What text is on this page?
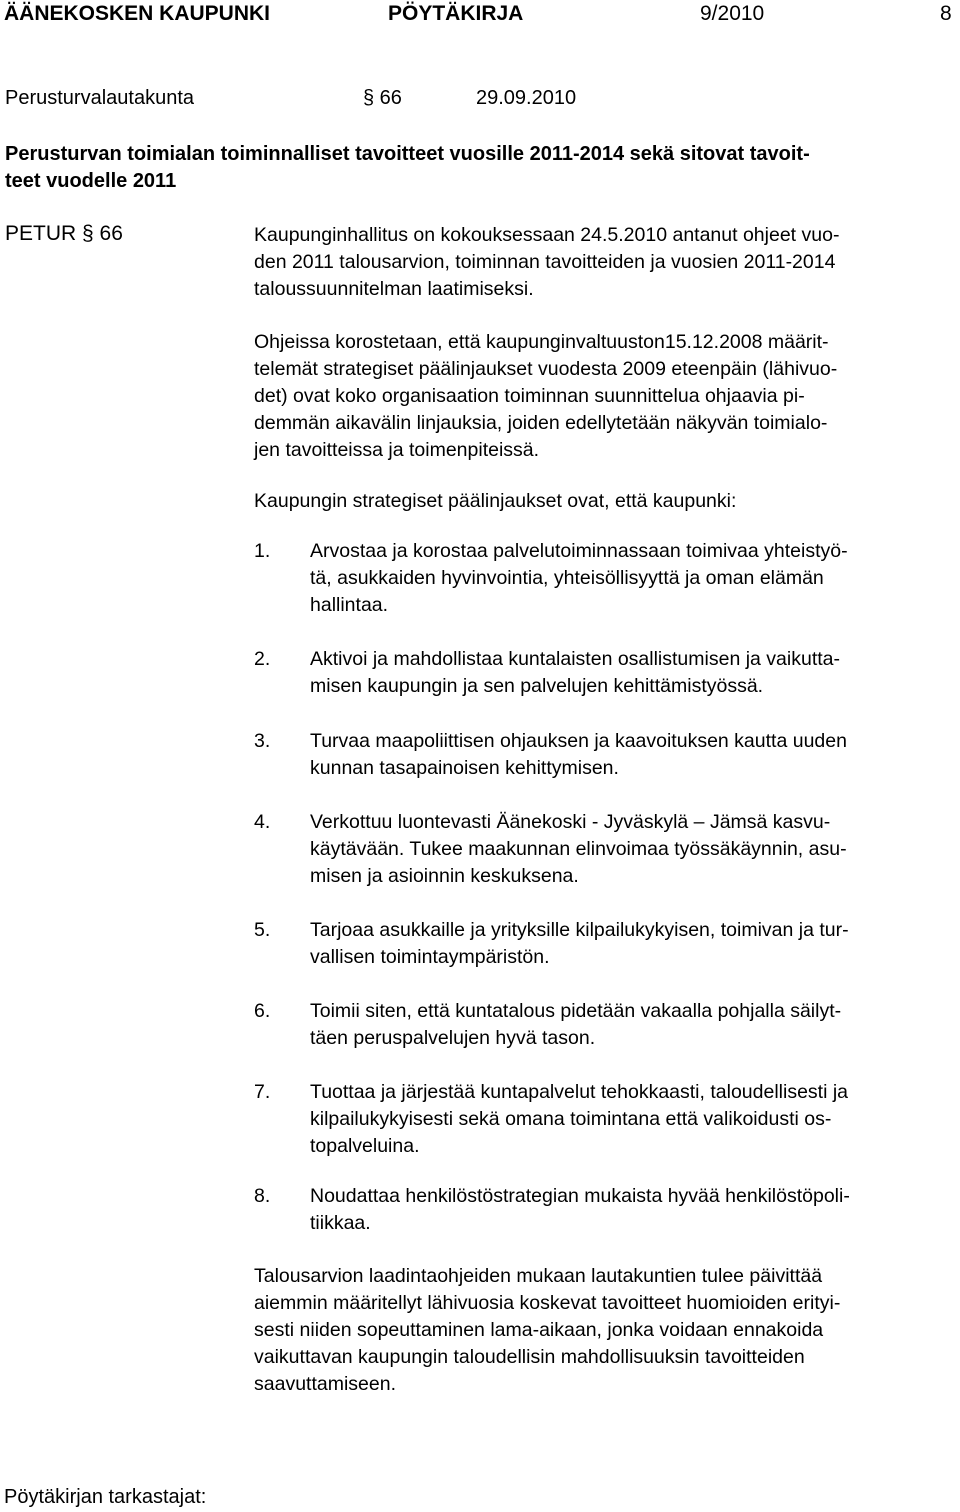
ÄÄNEKOSKEN KAUPUNKI	PÖYTÄKIRJA	9/2010	8
Perusturvalautakunta	§ 66	29.09.2010
Perusturvan toimialan toiminnalliset tavoitteet vuosille 2011-2014 sekä sitovat tavoit-
teet vuodelle 2011
PETUR § 66	Kaupunginhallitus on kokouksessaan 24.5.2010 antanut ohjeet vuo-
den 2011 talousarvion, toiminnan tavoitteiden ja vuosien 2011-2014
taloussuunnitelman laatimiseksi.
Ohjeissa korostetaan, että kaupunginvaltuuston15.12.2008 määrit-
telemät strategiset päälinjaukset vuodesta 2009 eteenpäin (lähivuo-
det) ovat koko organisaation toiminnan suunnittelua ohjaavia pi-
demmän aikavälin linjauksia, joiden edellytetään näkyvän toimialo-
jen tavoitteissa ja toimenpiteissä.
Kaupungin strategiset päälinjaukset ovat, että kaupunki:
1. Arvostaa ja korostaa palvelutoiminnassaan toimivaa yhteistyö-
tä, asukkaiden hyvinvointia, yhteisöllisyyttä ja oman elämän
hallintaa.
2. Aktivoi ja mahdollistaa kuntalaisten osallistumisen ja vaikutta-
misen kaupungin ja sen palvelujen kehittämistyössä.
3. Turvaa maapoliittisen ohjauksen ja kaavoituksen kautta uuden
kunnan tasapainoisen kehittymisen.
4. Verkottuu luontevasti Äänekoski - Jyväskylä – Jämsä kasvu-
käytävään. Tukee maakunnan elinvoimaa työssäkäynnin, asu-
misen ja asioinnin keskuksena.
5. Tarjoaa asukkaille ja yrityksille kilpailukykyisen, toimivan ja tur-
vallisen toimintaympäristön.
6. Toimii siten, että kuntatalous pidetään vakaalla pohjalla säilyt-
täen peruspalvelujen hyvä tason.
7. Tuottaa ja järjestää kuntapalvelut tehokkaasti, taloudellisesti ja
kilpailukykyisesti sekä omana toimintana että valikoidusti os-
topalveluina.
8. Noudattaa henkilöstöstrategian mukaista hyvää henkilöstöpoli-
tiikkaa.
Talousarvion laadintaohjeiden mukaan lautakuntien tulee päivittää
aiemmin määritellyt lähivuosia koskevat tavoitteet huomioiden erityi-
sesti niiden sopeuttaminen lama-aikaan, jonka voidaan ennakoida
vaikuttavan kaupungin taloudellisin mahdollisuuksin tavoitteiden
saavuttamiseen.
Pöytäkirjan tarkastajat:
